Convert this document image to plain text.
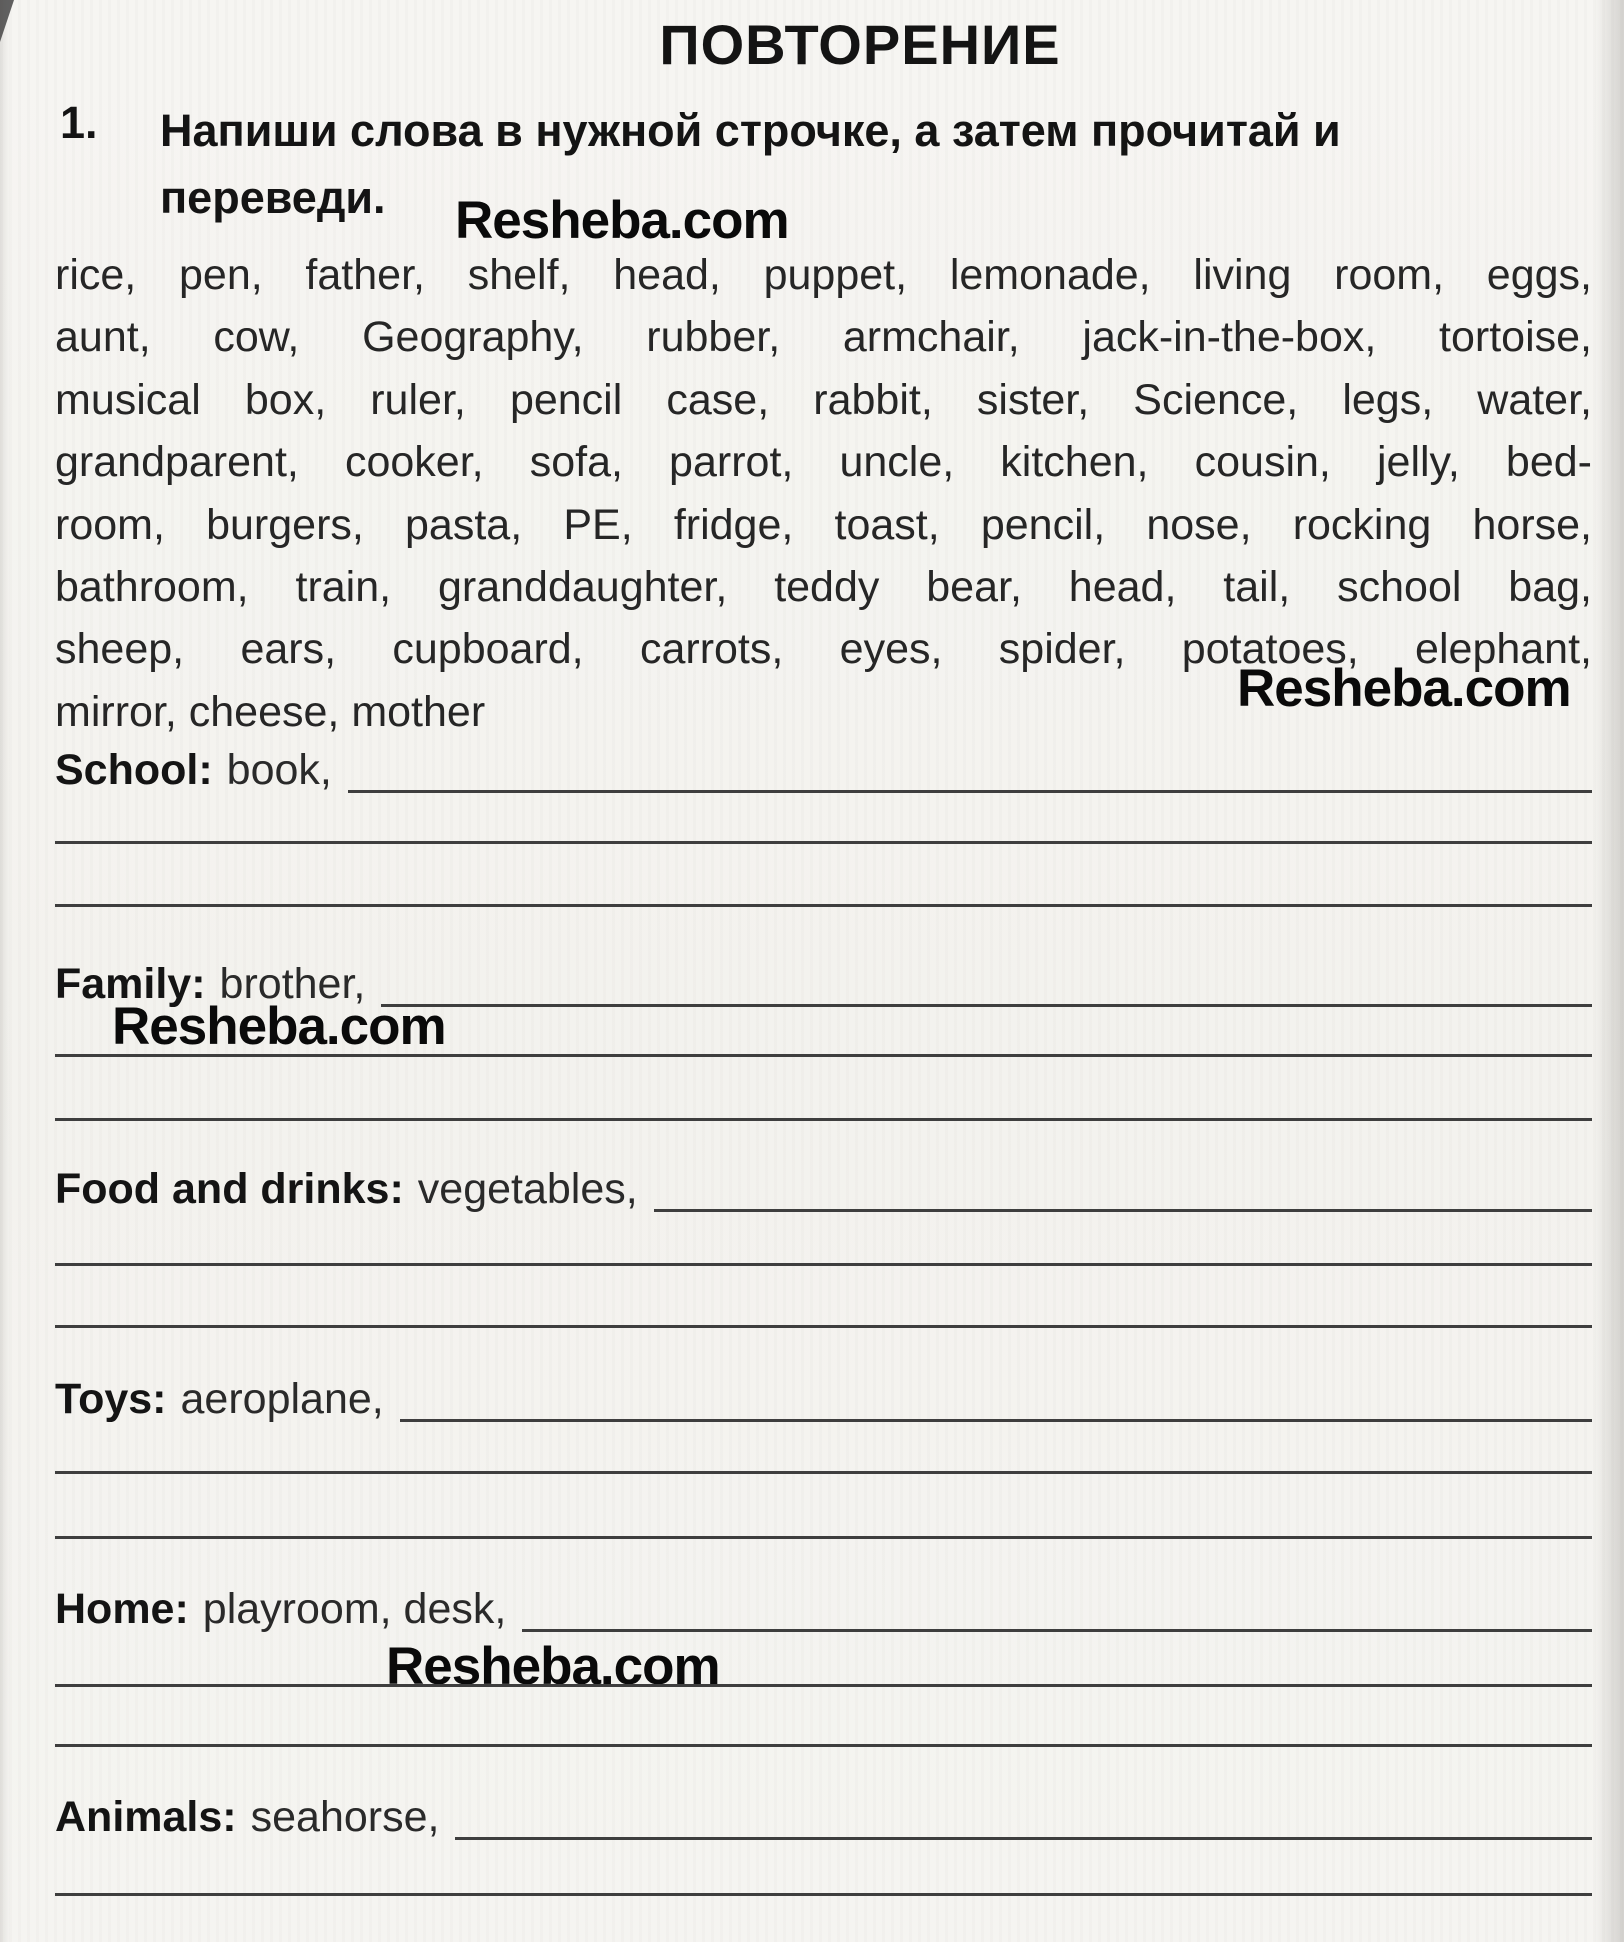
ПОВТОРЕНИЕ
1. Напиши слова в нужной строчке, а затем прочитай и переведи.	Resheba.com
rice, pen, father, shelf, head, puppet, lemonade, living room, eggs,
aunt, cow, Geography, rubber, armchair, jack-in-the-box, tortoise,
musical box, ruler, pencil case, rabbit, sister, Science, legs, water,
grandparent, cooker, sofa, parrot, uncle, kitchen, cousin, jelly, bed-
room, burgers, pasta, PE, fridge, toast, pencil, nose, rocking horse,
bathroom, train, granddaughter, teddy bear, head, tail, school bag,
sheep, ears, cupboard, carrots, eyes, spider, potatoes, elephant,
mirror, cheese, mother	Resheba.com
School: book,
Family: brother,
Resheba.com
Food and drinks: vegetables,
Toys: aeroplane,
Home: playroom, desk,
Resheba.com
Animals: seahorse,
